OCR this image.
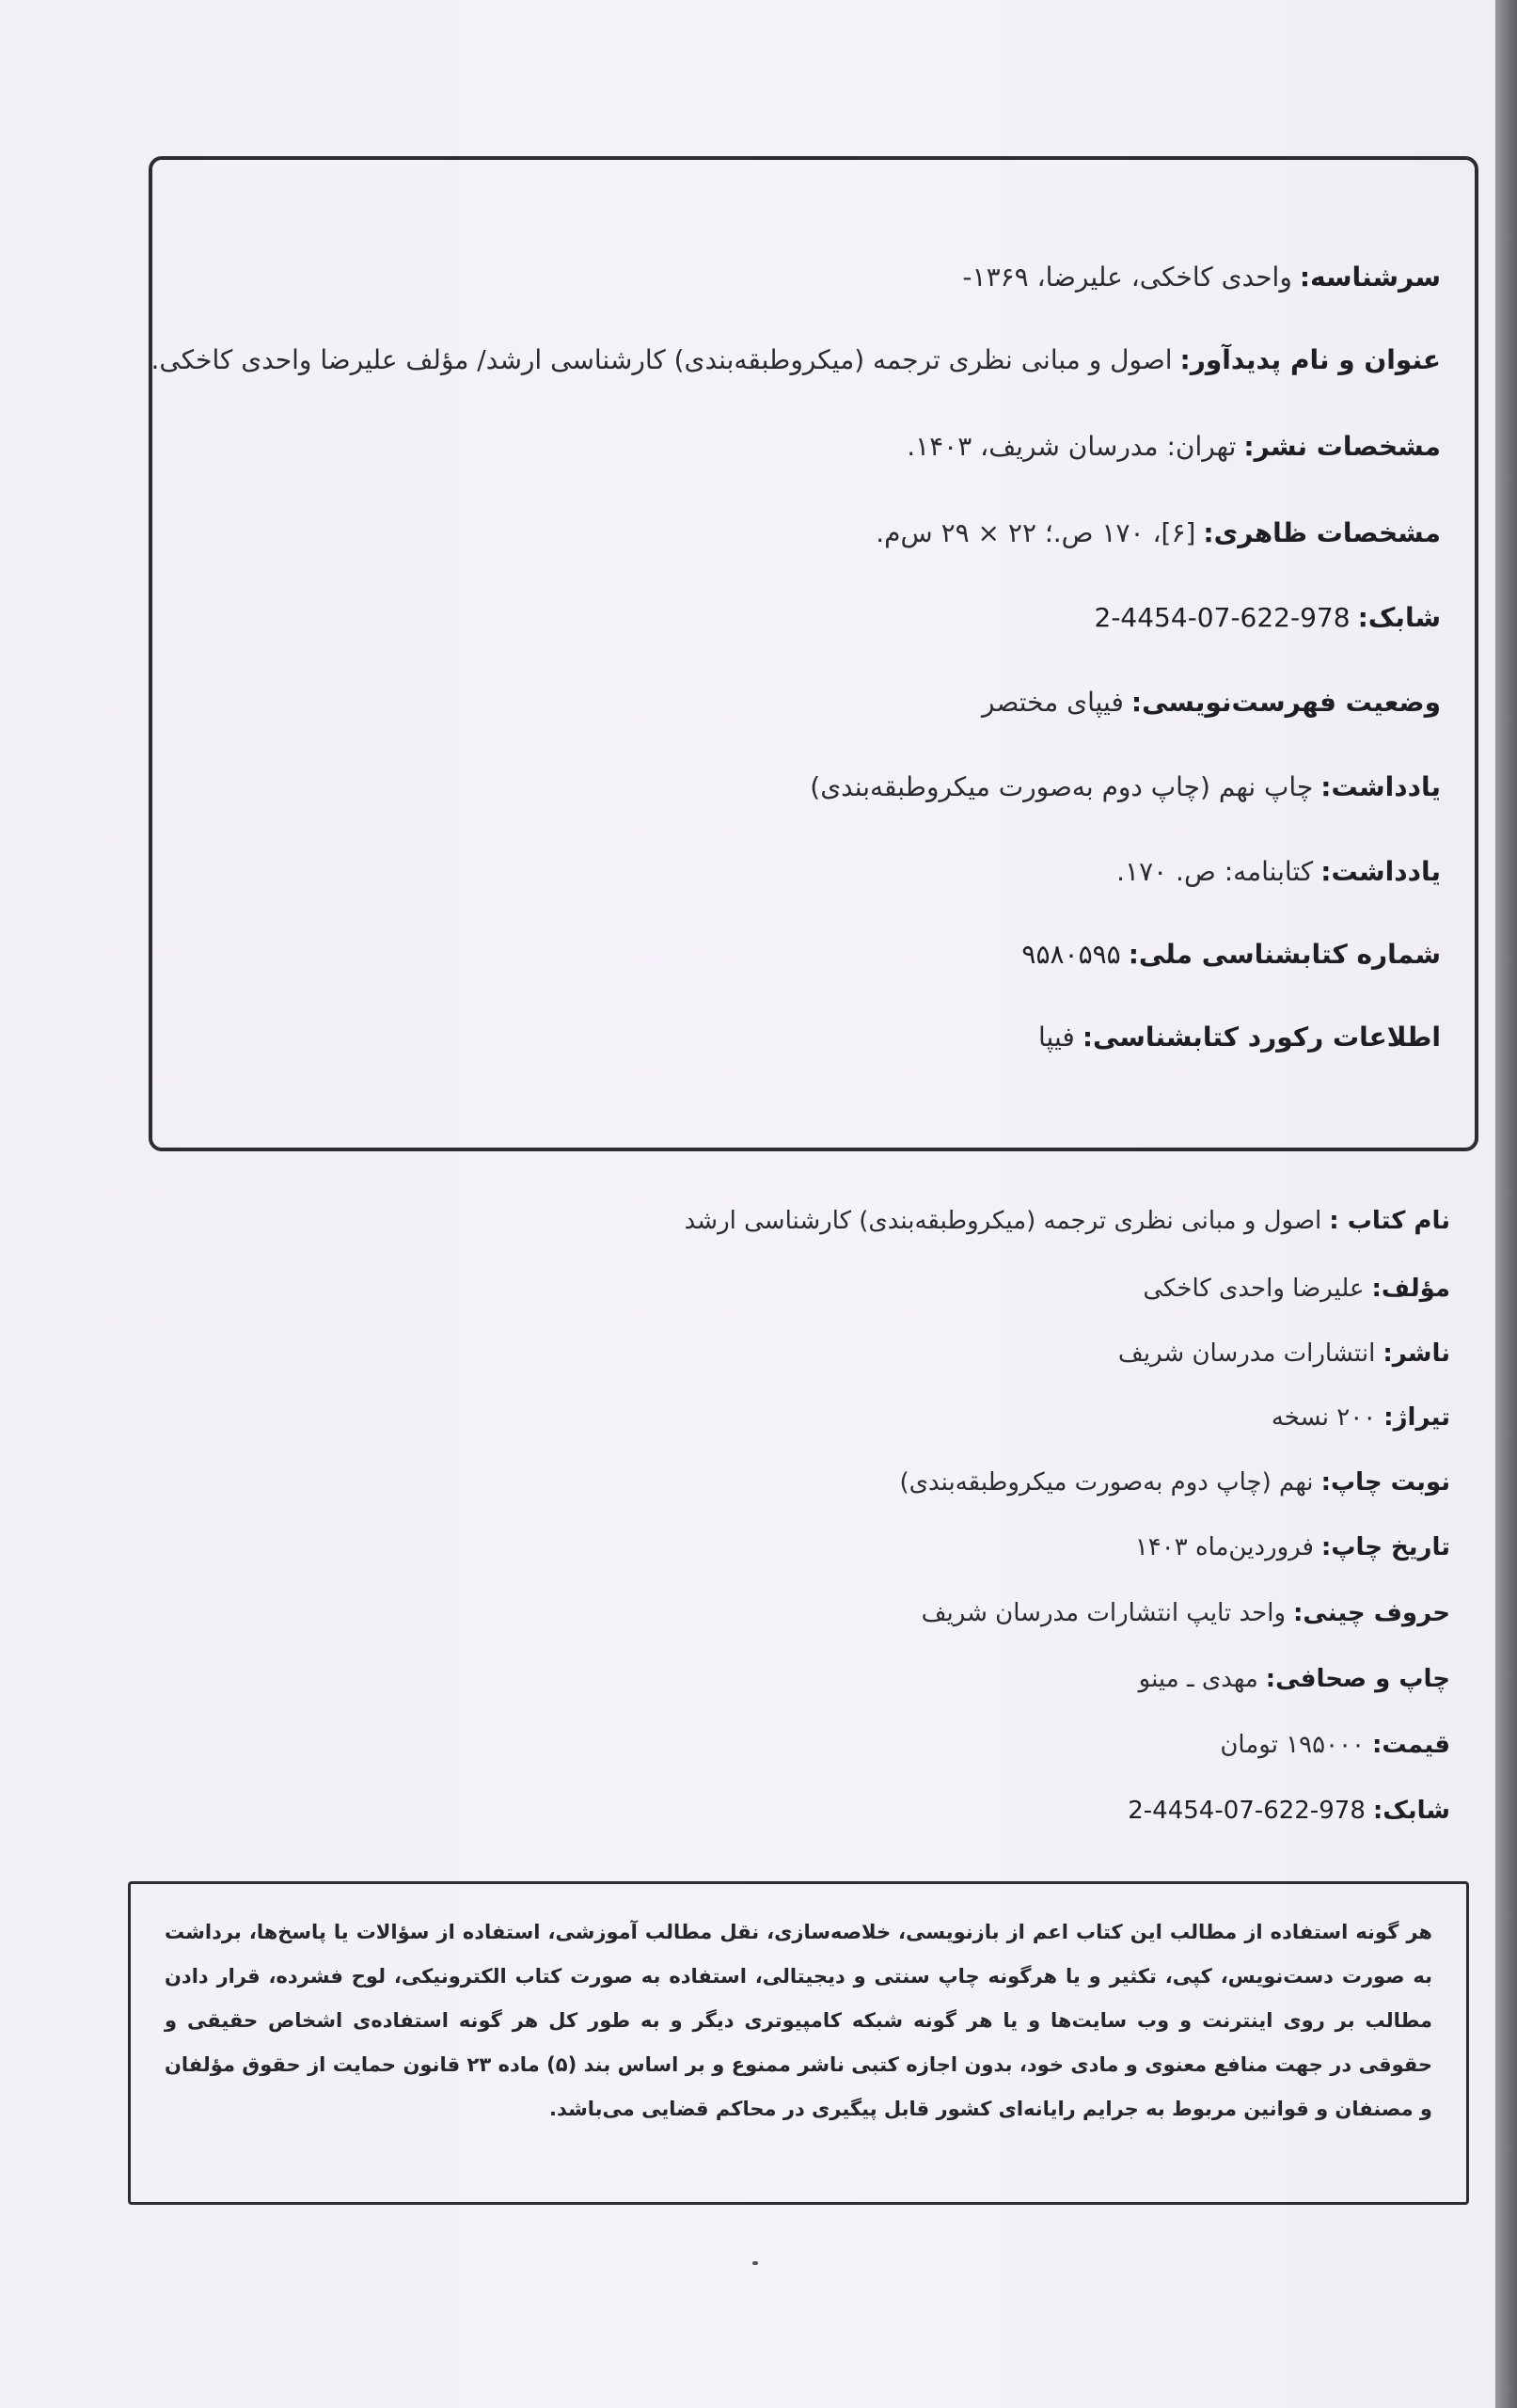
سرشناسه:واحدی کاخکی، علیرضا، ۱۳۶۹-
عنوان و نام پدیدآور:اصول و مبانی نظری ترجمه (میکروطبقه‌بندی) کارشناسی ارشد/ مؤلف علیرضا واحدی کاخکی.
مشخصات نشر:تهران: مدرسان شریف، ۱۴۰۳.
مشخصات ظاهری:[۶]، ۱۷۰ ص.؛ ۲۲ × ۲۹ س‌م.
شابک:978-622-07-4454-2
وضعیت فهرست‌نویسی:فیپای مختصر
یادداشت:چاپ نهم (چاپ دوم به‌صورت میکروطبقه‌بندی)
یادداشت:کتابنامه: ص. ۱۷۰.
شماره کتابشناسی ملی:۹۵۸۰۵۹۵
اطلاعات رکورد کتابشناسی:فیپا
نام کتاب :اصول و مبانی نظری ترجمه (میکروطبقه‌بندی) کارشناسی ارشد
مؤلف:علیرضا واحدی کاخکی
ناشر:انتشارات مدرسان شریف
تیراژ:۲۰۰ نسخه
نوبت چاپ:نهم (چاپ دوم به‌صورت میکروطبقه‌بندی)
تاریخ چاپ:فروردین‌ماه ۱۴۰۳
حروف چینی:واحد تایپ انتشارات مدرسان شریف
چاپ و صحافی:مهدی ـ مینو
قیمت:۱۹۵۰۰۰ تومان
شابک:978-622-07-4454-2
هر گونه استفاده از مطالب این کتاب اعم از بازنویسی، خلاصه‌سازی، نقل مطالب آموزشی، استفاده از سؤالات یا پاسخ‌ها، برداشت به صورت دست‌نویس، کپی، تکثیر و یا هرگونه چاپ سنتی و دیجیتالی، استفاده به صورت کتاب الکترونیکی، لوح فشرده، قرار دادن مطالب بر روی اینترنت و وب سایت‌ها و یا هر گونه شبکه کامپیوتری دیگر و به طور کل هر گونه استفاده‌ی اشخاص حقیقی و حقوقی در جهت منافع معنوی و مادی خود، بدون اجازه کتبی ناشر ممنوع و بر اساس بند (۵) ماده ۲۳ قانون حمایت از حقوق مؤلفان و مصنفان و قوانین مربوط به جرایم رایانه‌ای کشور قابل پیگیری در محاکم قضایی می‌باشد.
